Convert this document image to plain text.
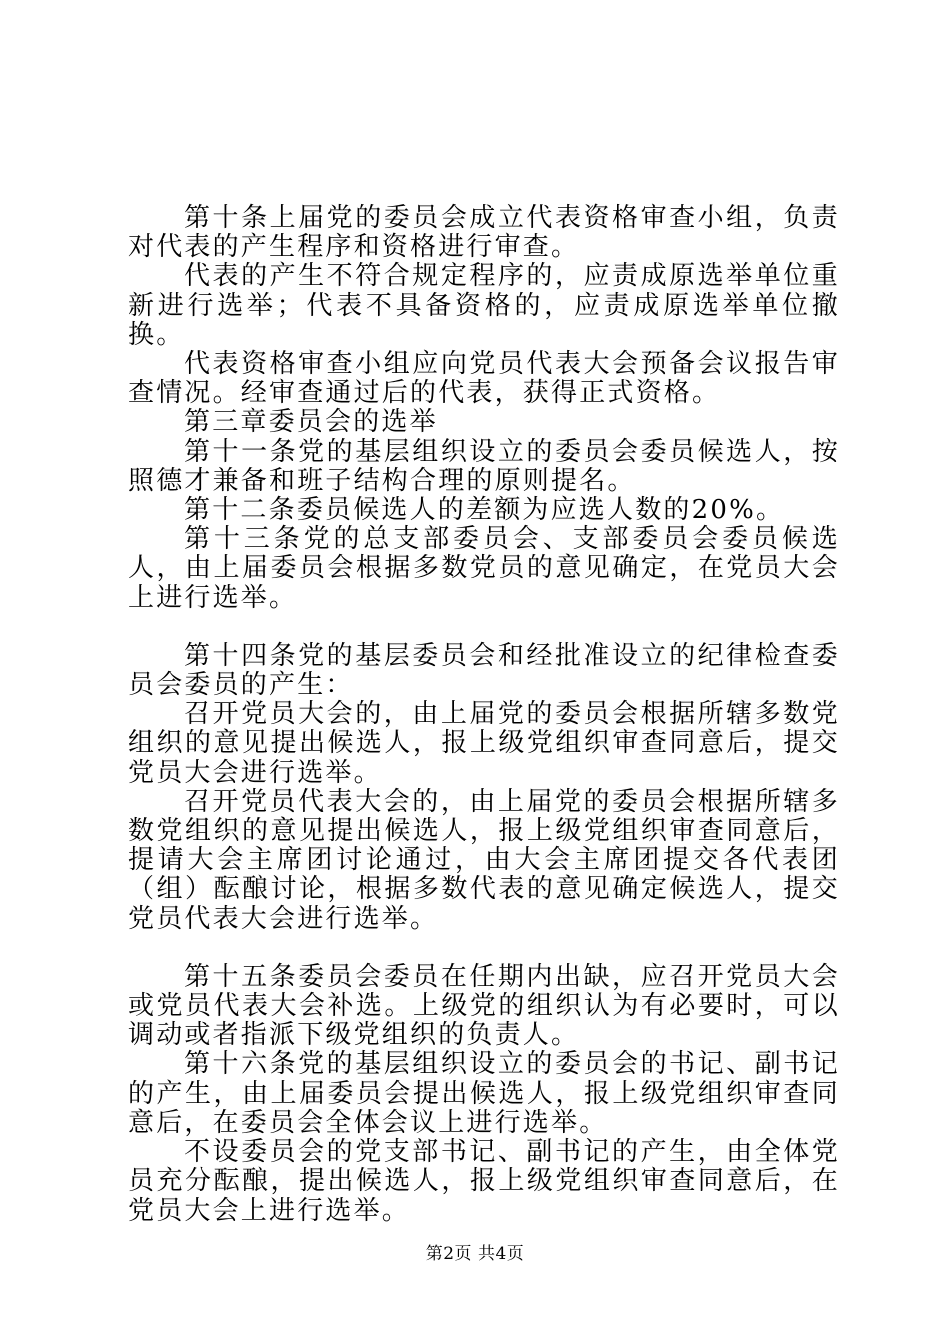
第十条上届党的委员会成立代表资格审查小组，负责对代表的产生程序和资格进行审查。

代表的产生不符合规定程序的，应责成原选举单位重新进行选举；代表不具备资格的，应责成原选举单位撤换。

代表资格审查小组应向党员代表大会预备会议报告审查情况。经审查通过后的代表，获得正式资格。

第三章委员会的选举

第十一条党的基层组织设立的委员会委员候选人，按照德才兼备和班子结构合理的原则提名。

第十二条委员候选人的差额为应选人数的20%。

第十三条党的总支部委员会、支部委员会委员候选人，由上届委员会根据多数党员的意见确定，在党员大会上进行选举。

第十四条党的基层委员会和经批准设立的纪律检查委员会委员的产生：

召开党员大会的，由上届党的委员会根据所辖多数党组织的意见提出候选人，报上级党组织审查同意后，提交党员大会进行选举。

召开党员代表大会的，由上届党的委员会根据所辖多数党组织的意见提出候选人，报上级党组织审查同意后，提请大会主席团讨论通过，由大会主席团提交各代表团（组）酝酿讨论，根据多数代表的意见确定候选人，提交党员代表大会进行选举。

第十五条委员会委员在任期内出缺，应召开党员大会或党员代表大会补选。上级党的组织认为有必要时，可以调动或者指派下级党组织的负责人。

第十六条党的基层组织设立的委员会的书记、副书记的产生，由上届委员会提出候选人，报上级党组织审查同意后，在委员会全体会议上进行选举。

不设委员会的党支部书记、副书记的产生，由全体党员充分酝酿，提出候选人，报上级党组织审查同意后，在党员大会上进行选举。

第2页 共4页
